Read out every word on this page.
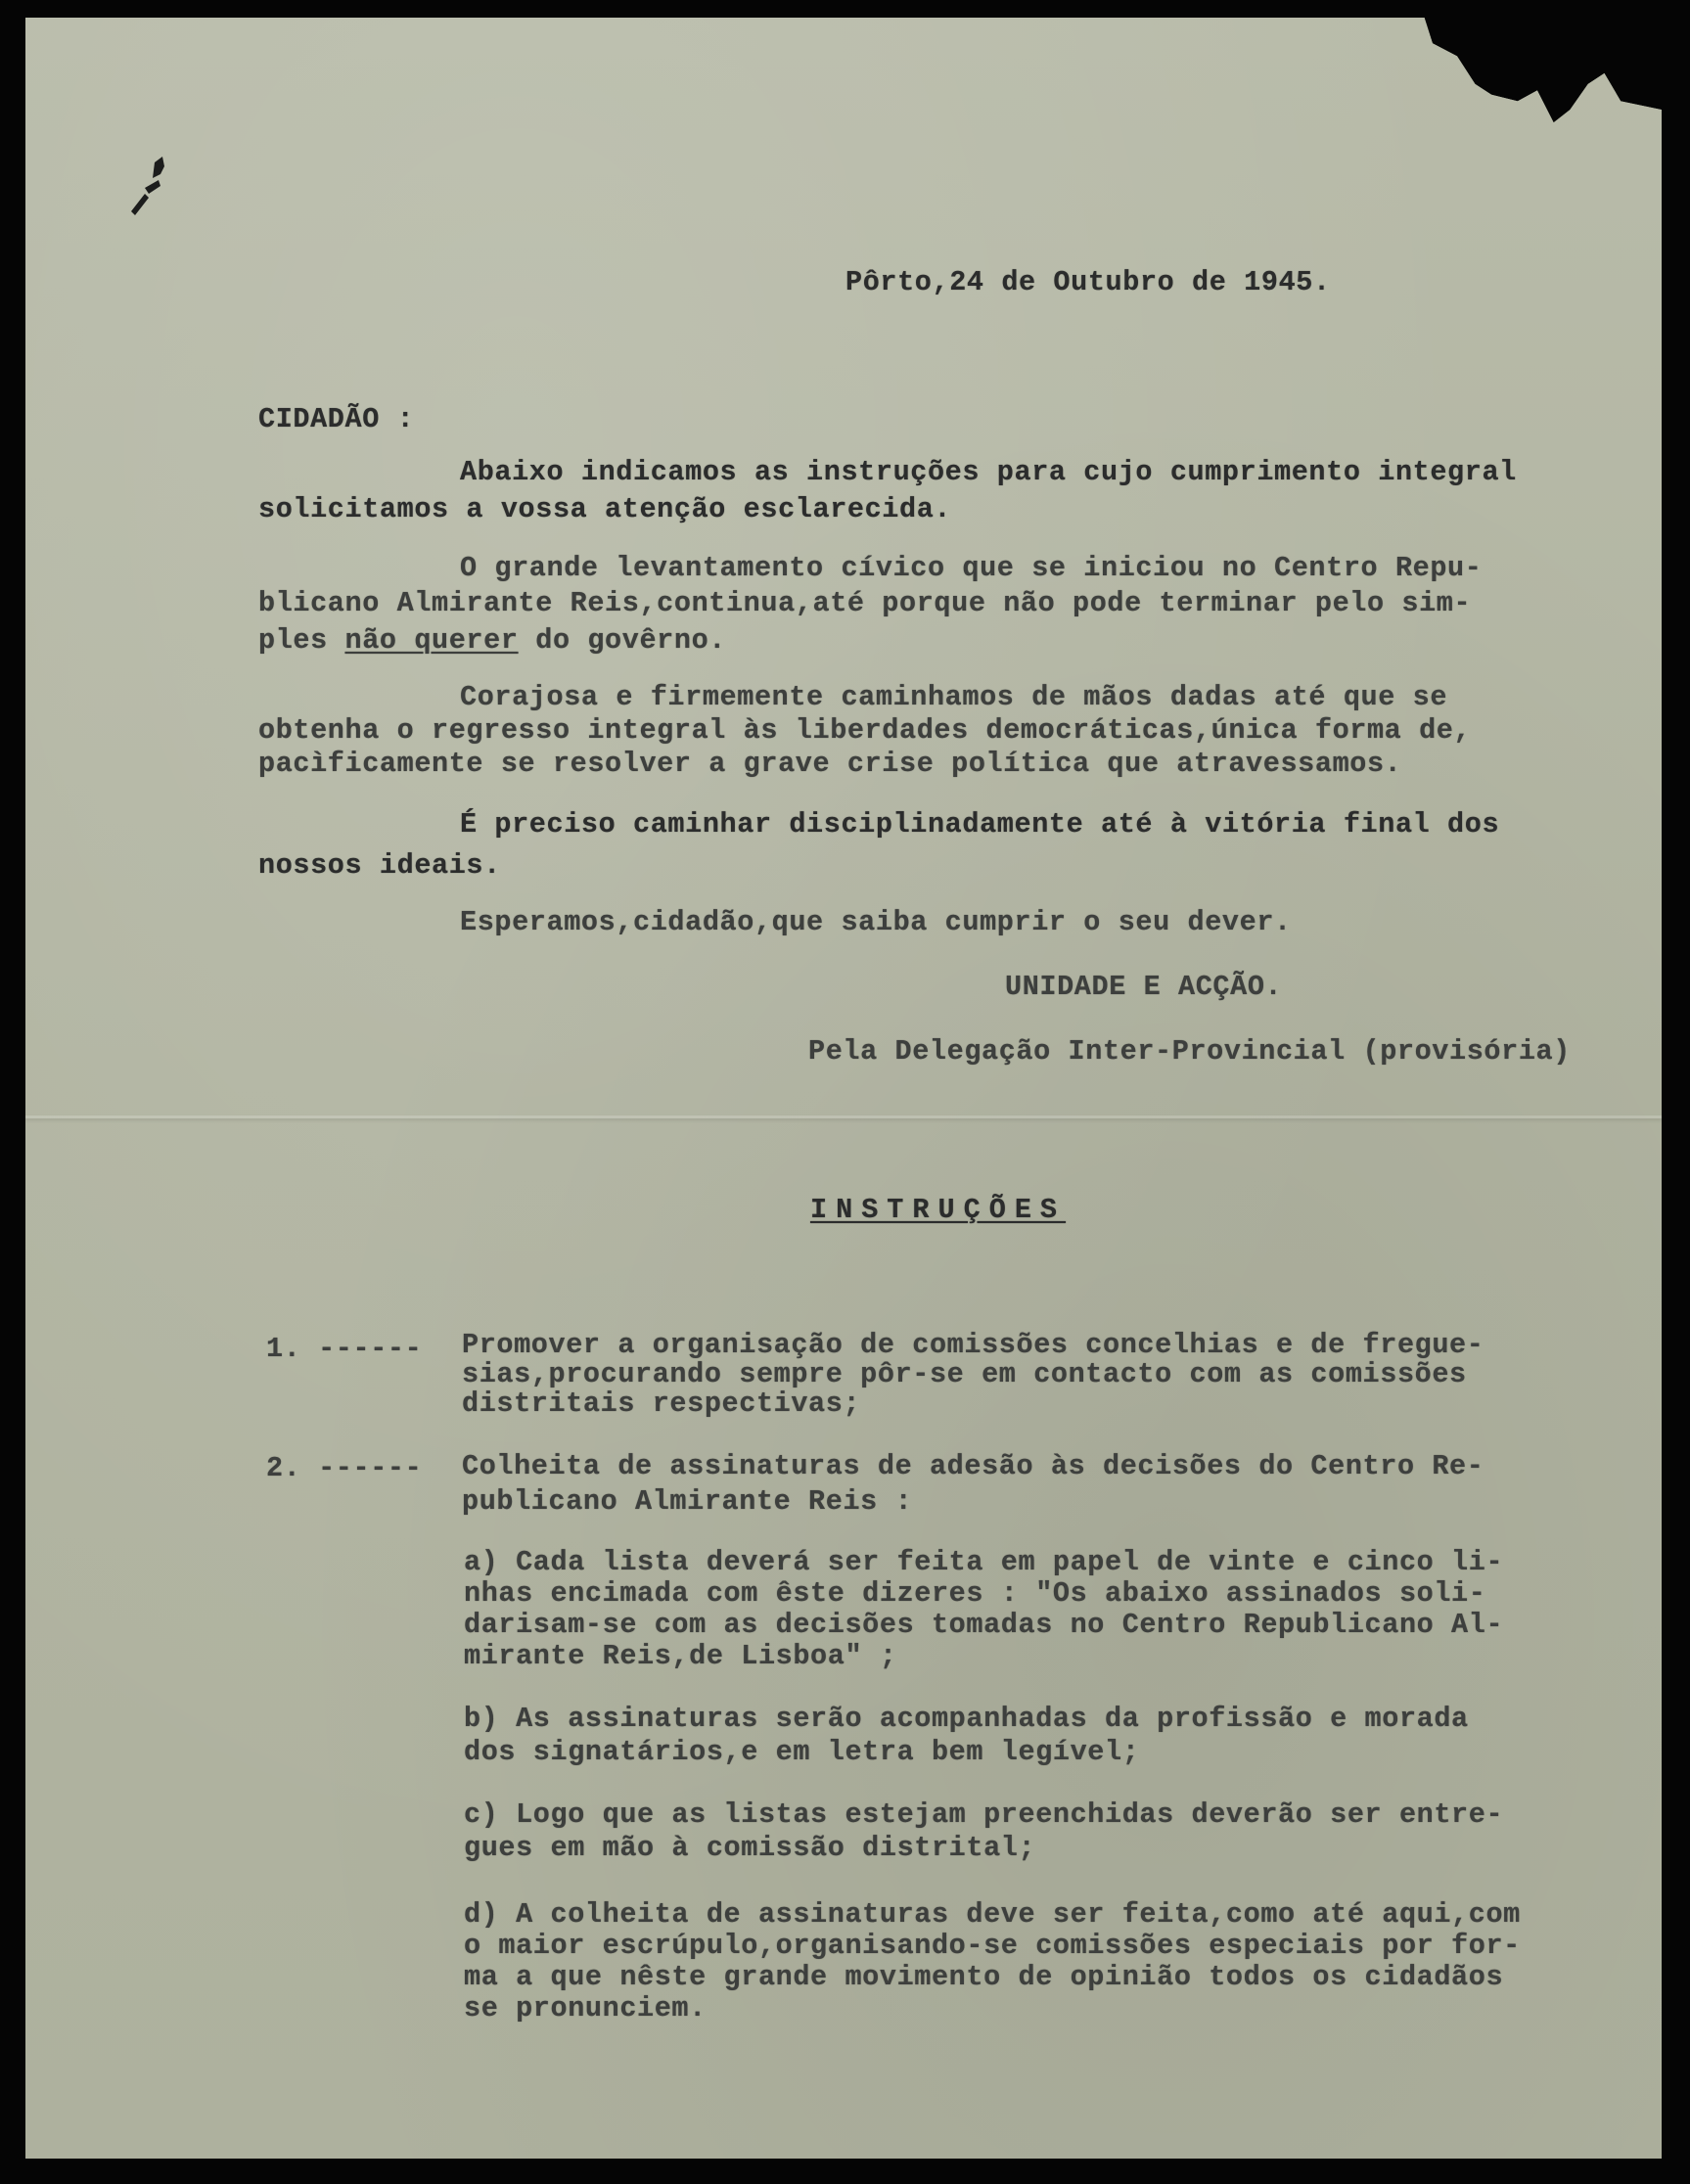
Pôrto,24 de Outubro de 1945.
CIDADÃO :
Abaixo indicamos as instruções para cujo cumprimento integral
solicitamos a vossa atenção esclarecida.
O grande levantamento cívico que se iniciou no Centro Repu-
blicano Almirante Reis,continua,até porque não pode terminar pelo sim-
ples não querer do govêrno.
Corajosa e firmemente caminhamos de mãos dadas até que se
obtenha o regresso integral às liberdades democráticas,única forma de,
pacìficamente se resolver a grave crise política que atravessamos.
É preciso caminhar disciplinadamente até à vitória final dos
nossos ideais.
Esperamos,cidadão,que saiba cumprir o seu dever.
UNIDADE E ACÇÃO.
Pela Delegação Inter-Provincial (provisória)
INSTRUÇÕES
1. ------ Promover a organisação de comissões concelhias e de fregue-
sias,procurando sempre pôr-se em contacto com as comissões
distritais respectivas;
2. ------ Colheita de assinaturas de adesão às decisões do Centro Re-
publicano Almirante Reis :
a) Cada lista deverá ser feita em papel de vinte e cinco li-
nhas encimada com êste dizeres : "Os abaixo assinados soli-
darisam-se com as decisões tomadas no Centro Republicano Al-
mirante Reis,de Lisboa" ;
b) As assinaturas serão acompanhadas da profissão e morada
dos signatários,e em letra bem legível;
c) Logo que as listas estejam preenchidas deverão ser entre-
gues em mão à comissão distrital;
d) A colheita de assinaturas deve ser feita,como até aqui,com
o maior escrúpulo,organisando-se comissões especiais por for-
ma a que nêste grande movimento de opinião todos os cidadãos
se pronunciem.
